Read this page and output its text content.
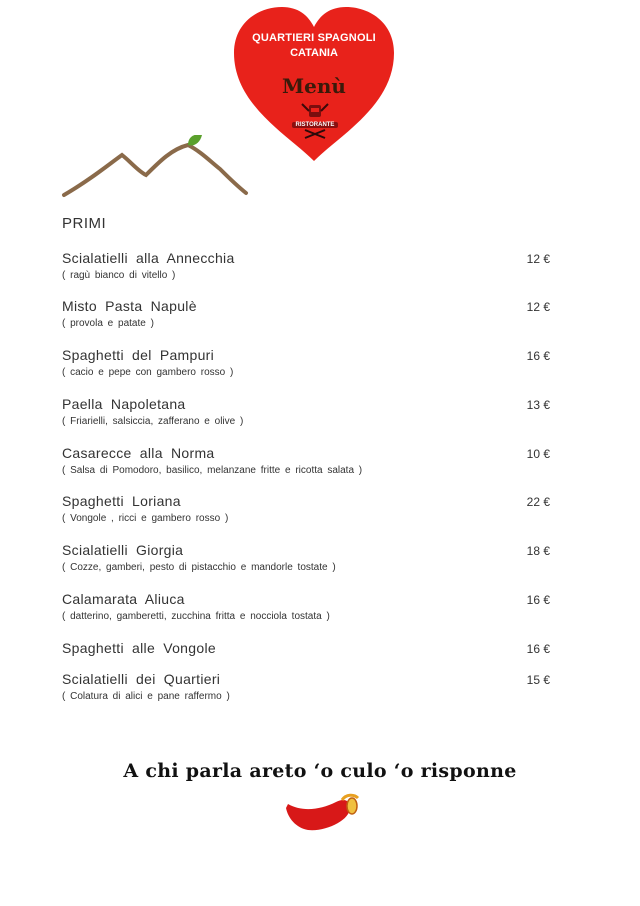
QUARTIERI SPAGNOLI
CATANIA
Menù
RISTORANTE
PRIMI
Scialatielli alla Annecchia
( ragù bianco di vitello )
12 €
Misto Pasta Napulè
( provola e patate )
12 €
Spaghetti del Pampuri
( cacio e pepe con gambero rosso )
16 €
Paella Napoletana
( Friarielli, salsiccia, zafferano e olive )
13 €
Casarecce alla Norma
( Salsa di Pomodoro, basilico, melanzane fritte e ricotta salata )
10 €
Spaghetti Loriana
( Vongole , ricci e gambero rosso )
22 €
Scialatielli Giorgia
( Cozze, gamberi, pesto di pistacchio e mandorle tostate )
18 €
Calamarata Aliuca
( datterino, gamberetti, zucchina fritta e nocciola tostata )
16 €
Spaghetti alle Vongole	16 €
Scialatielli dei Quartieri
( Colatura di alici e pane raffermo )
15 €
A chi parla areto ‘o culo ‘o risponne
